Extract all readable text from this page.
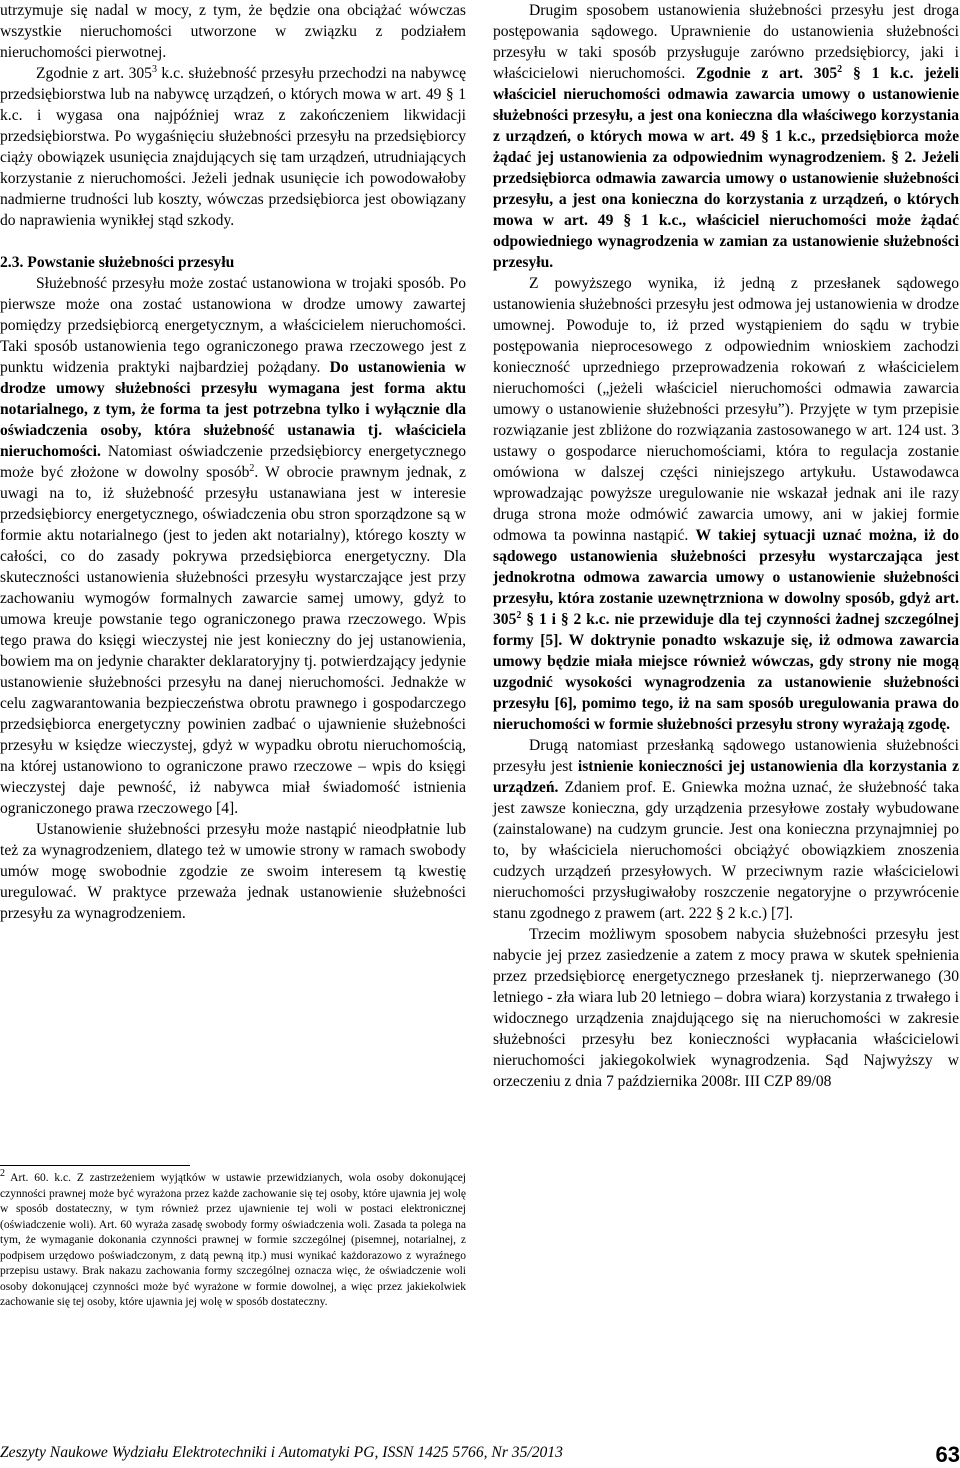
utrzymuje się nadal w mocy, z tym, że będzie ona obciążać wówczas wszystkie nieruchomości utworzone w związku z podziałem nieruchomości pierwotnej.

Zgodnie z art. $305^3$ k.c. służebność przesyłu przechodzi na nabywcę przedsiębiorstwa lub na nabywcę urządzeń, o których mowa w art. 49 § 1 k.c. i wygasa ona najpóźniej wraz z zakończeniem likwidacji przedsiębiorstwa. Po wygaśnięciu służebności przesyłu na przedsiębiorcy ciąży obowiązek usunięcia znajdujących się tam urządzeń, utrudniających korzystanie z nieruchomości. Jeżeli jednak usunięcie ich powodowałoby nadmierne trudności lub koszty, wówczas przedsiębiorca jest obowiązany do naprawienia wynikłej stąd szkody.

2.3. Powstanie służebności przesyłu

Służebność przesyłu może zostać ustanowiona w trojaki sposób. Po pierwsze może ona zostać ustanowiona w drodze umowy zawartej pomiędzy przedsiębiorcą energetycznym, a właścicielem nieruchomości. Taki sposób ustanowienia tego ograniczonego prawa rzeczowego jest z punktu widzenia praktyki najbardziej pożądany. Do ustanowienia w drodze umowy służebności przesyłu wymagana jest forma aktu notarialnego, z tym, że forma ta jest potrzebna tylko i wyłącznie dla oświadczenia osoby, która służebność ustanawia tj. właściciela nieruchomości. Natomiast oświadczenie przedsiębiorcy energetycznego może być złożone w dowolny sposób$^2$. W obrocie prawnym jednak, z uwagi na to, iż służebność przesyłu ustanawiana jest w interesie przedsiębiorcy energetycznego, oświadczenia obu stron sporządzone są w formie aktu notarialnego (jest to jeden akt notarialny), którego koszty w całości, co do zasady pokrywa przedsiębiorca energetyczny. Dla skuteczności ustanowienia służebności przesyłu wystarczające jest przy zachowaniu wymogów formalnych zawarcie samej umowy, gdyż to umowa kreuje powstanie tego ograniczonego prawa rzeczowego. Wpis tego prawa do księgi wieczystej nie jest konieczny do jej ustanowienia, bowiem ma on jedynie charakter deklaratoryjny tj. potwierdzający jedynie ustanowienie służebności przesyłu na danej nieruchomości. Jednakże w celu zagwarantowania bezpieczeństwa obrotu prawnego i gospodarczego przedsiębiorca energetyczny powinien zadbać o ujawnienie służebności przesyłu w księdze wieczystej, gdyż w wypadku obrotu nieruchomością, na której ustanowiono to ograniczone prawo rzeczowe – wpis do księgi wieczystej daje pewność, iż nabywca miał świadomość istnienia ograniczonego prawa rzeczowego [4].

Ustanowienie służebności przesyłu może nastąpić nieodpłatnie lub też za wynagrodzeniem, dlatego też w umowie strony w ramach swobody umów mogę swobodnie zgodzie ze swoim interesem tą kwestię uregulować. W praktyce przeważa jednak ustanowienie służebności przesyłu za wynagrodzeniem.

$^2$ Art. 60. k.c. Z zastrzeżeniem wyjątków w ustawie przewidzianych, wola osoby dokonującej czynności prawnej może być wyrażona przez każde zachowanie się tej osoby, które ujawnia jej wolę w sposób dostateczny, w tym również przez ujawnienie tej woli w postaci elektronicznej (oświadczenie woli). Art. 60 wyraża zasadę swobody formy oświadczenia woli. Zasada ta polega na tym, że wymaganie dokonania czynności prawnej w formie szczególnej (pisemnej, notarialnej, z podpisem urzędowo poświadczonym, z datą pewną itp.) musi wynikać każdorazowo z wyraźnego przepisu ustawy. Brak nakazu zachowania formy szczególnej oznacza więc, że oświadczenie woli osoby dokonującej czynności może być wyrażone w formie dowolnej, a więc przez jakiekolwiek zachowanie się tej osoby, które ujawnia jej wolę w sposób dostateczny.

Drugim sposobem ustanowienia służebności przesyłu jest droga postępowania sądowego. Uprawnienie do ustanowienia służebności przesyłu w taki sposób przysługuje zarówno przedsiębiorcy, jaki i właścicielowi nieruchomości. Zgodnie z art. $305^2$ § 1 k.c. jeżeli właściciel nieruchomości odmawia zawarcia umowy o ustanowienie służebności przesyłu, a jest ona konieczna dla właściwego korzystania z urządzeń, o których mowa w art. 49 § 1 k.c., przedsiębiorca może żądać jej ustanowienia za odpowiednim wynagrodzeniem. § 2. Jeżeli przedsiębiorca odmawia zawarcia umowy o ustanowienie służebności przesyłu, a jest ona konieczna do korzystania z urządzeń, o których mowa w art. 49 § 1 k.c., właściciel nieruchomości może żądać odpowiedniego wynagrodzenia w zamian za ustanowienie służebności przesyłu.

Z powyższego wynika, iż jedną z przesłanek sądowego ustanowienia służebności przesyłu jest odmowa jej ustanowienia w drodze umownej. Powoduje to, iż przed wystąpieniem do sądu w trybie postępowania nieprocesowego z odpowiednim wnioskiem zachodzi konieczność uprzedniego przeprowadzenia rokowań z właścicielem nieruchomości („jeżeli właściciel nieruchomości odmawia zawarcia umowy o ustanowienie służebności przesyłu”). Przyjęte w tym przepisie rozwiązanie jest zbliżone do rozwiązania zastosowanego w art. 124 ust. 3 ustawy o gospodarce nieruchomościami, która to regulacja zostanie omówiona w dalszej części niniejszego artykułu. Ustawodawca wprowadzając powyższe uregulowanie nie wskazał jednak ani ile razy druga strona może odmówić zawarcia umowy, ani w jakiej formie odmowa ta powinna nastąpić. W takiej sytuacji uznać można, iż do sądowego ustanowienia służebności przesyłu wystarczająca jest jednokrotna odmowa zawarcia umowy o ustanowienie służebności przesyłu, która zostanie uzewnętrzniona w dowolny sposób, gdyż art. $305^2$ § 1 i § 2 k.c. nie przewiduje dla tej czynności żadnej szczególnej formy [5]. W doktrynie ponadto wskazuje się, iż odmowa zawarcia umowy będzie miała miejsce również wówczas, gdy strony nie mogą uzgodnić wysokości wynagrodzenia za ustanowienie służebności przesyłu [6], pomimo tego, iż na sam sposób uregulowania prawa do nieruchomości w formie służebności przesyłu strony wyrażają zgodę.

Drugą natomiast przesłanką sądowego ustanowienia służebności przesyłu jest istnienie konieczności jej ustanowienia dla korzystania z urządzeń. Zdaniem prof. E. Gniewka można uznać, że służebność taka jest zawsze konieczna, gdy urządzenia przesyłowe zostały wybudowane (zainstalowane) na cudzym gruncie. Jest ona konieczna przynajmniej po to, by właściciela nieruchomości obciążyć obowiązkiem znoszenia cudzych urządzeń przesyłowych. W przeciwnym razie właścicielowi nieruchomości przysługiwałoby roszczenie negatoryjne o przywrócenie stanu zgodnego z prawem (art. 222 § 2 k.c.) [7].

Trzecim możliwym sposobem nabycia służebności przesyłu jest nabycie jej przez zasiedzenie a zatem z mocy prawa w skutek spełnienia przez przedsiębiorcę energetycznego przesłanek tj. nieprzerwanego (30 letniego - zła wiara lub 20 letniego – dobra wiara) korzystania z trwałego i widocznego urządzenia znajdującego się na nieruchomości w zakresie służebności przesyłu bez konieczności wypłacania właścicielowi nieruchomości jakiegokolwiek wynagrodzenia. Sąd Najwyższy w orzeczeniu z dnia 7 października 2008r. III CZP 89/08

Zeszyty Naukowe Wydziału Elektrotechniki i Automatyki PG, ISSN 1425 5766, Nr 35/2013	63
